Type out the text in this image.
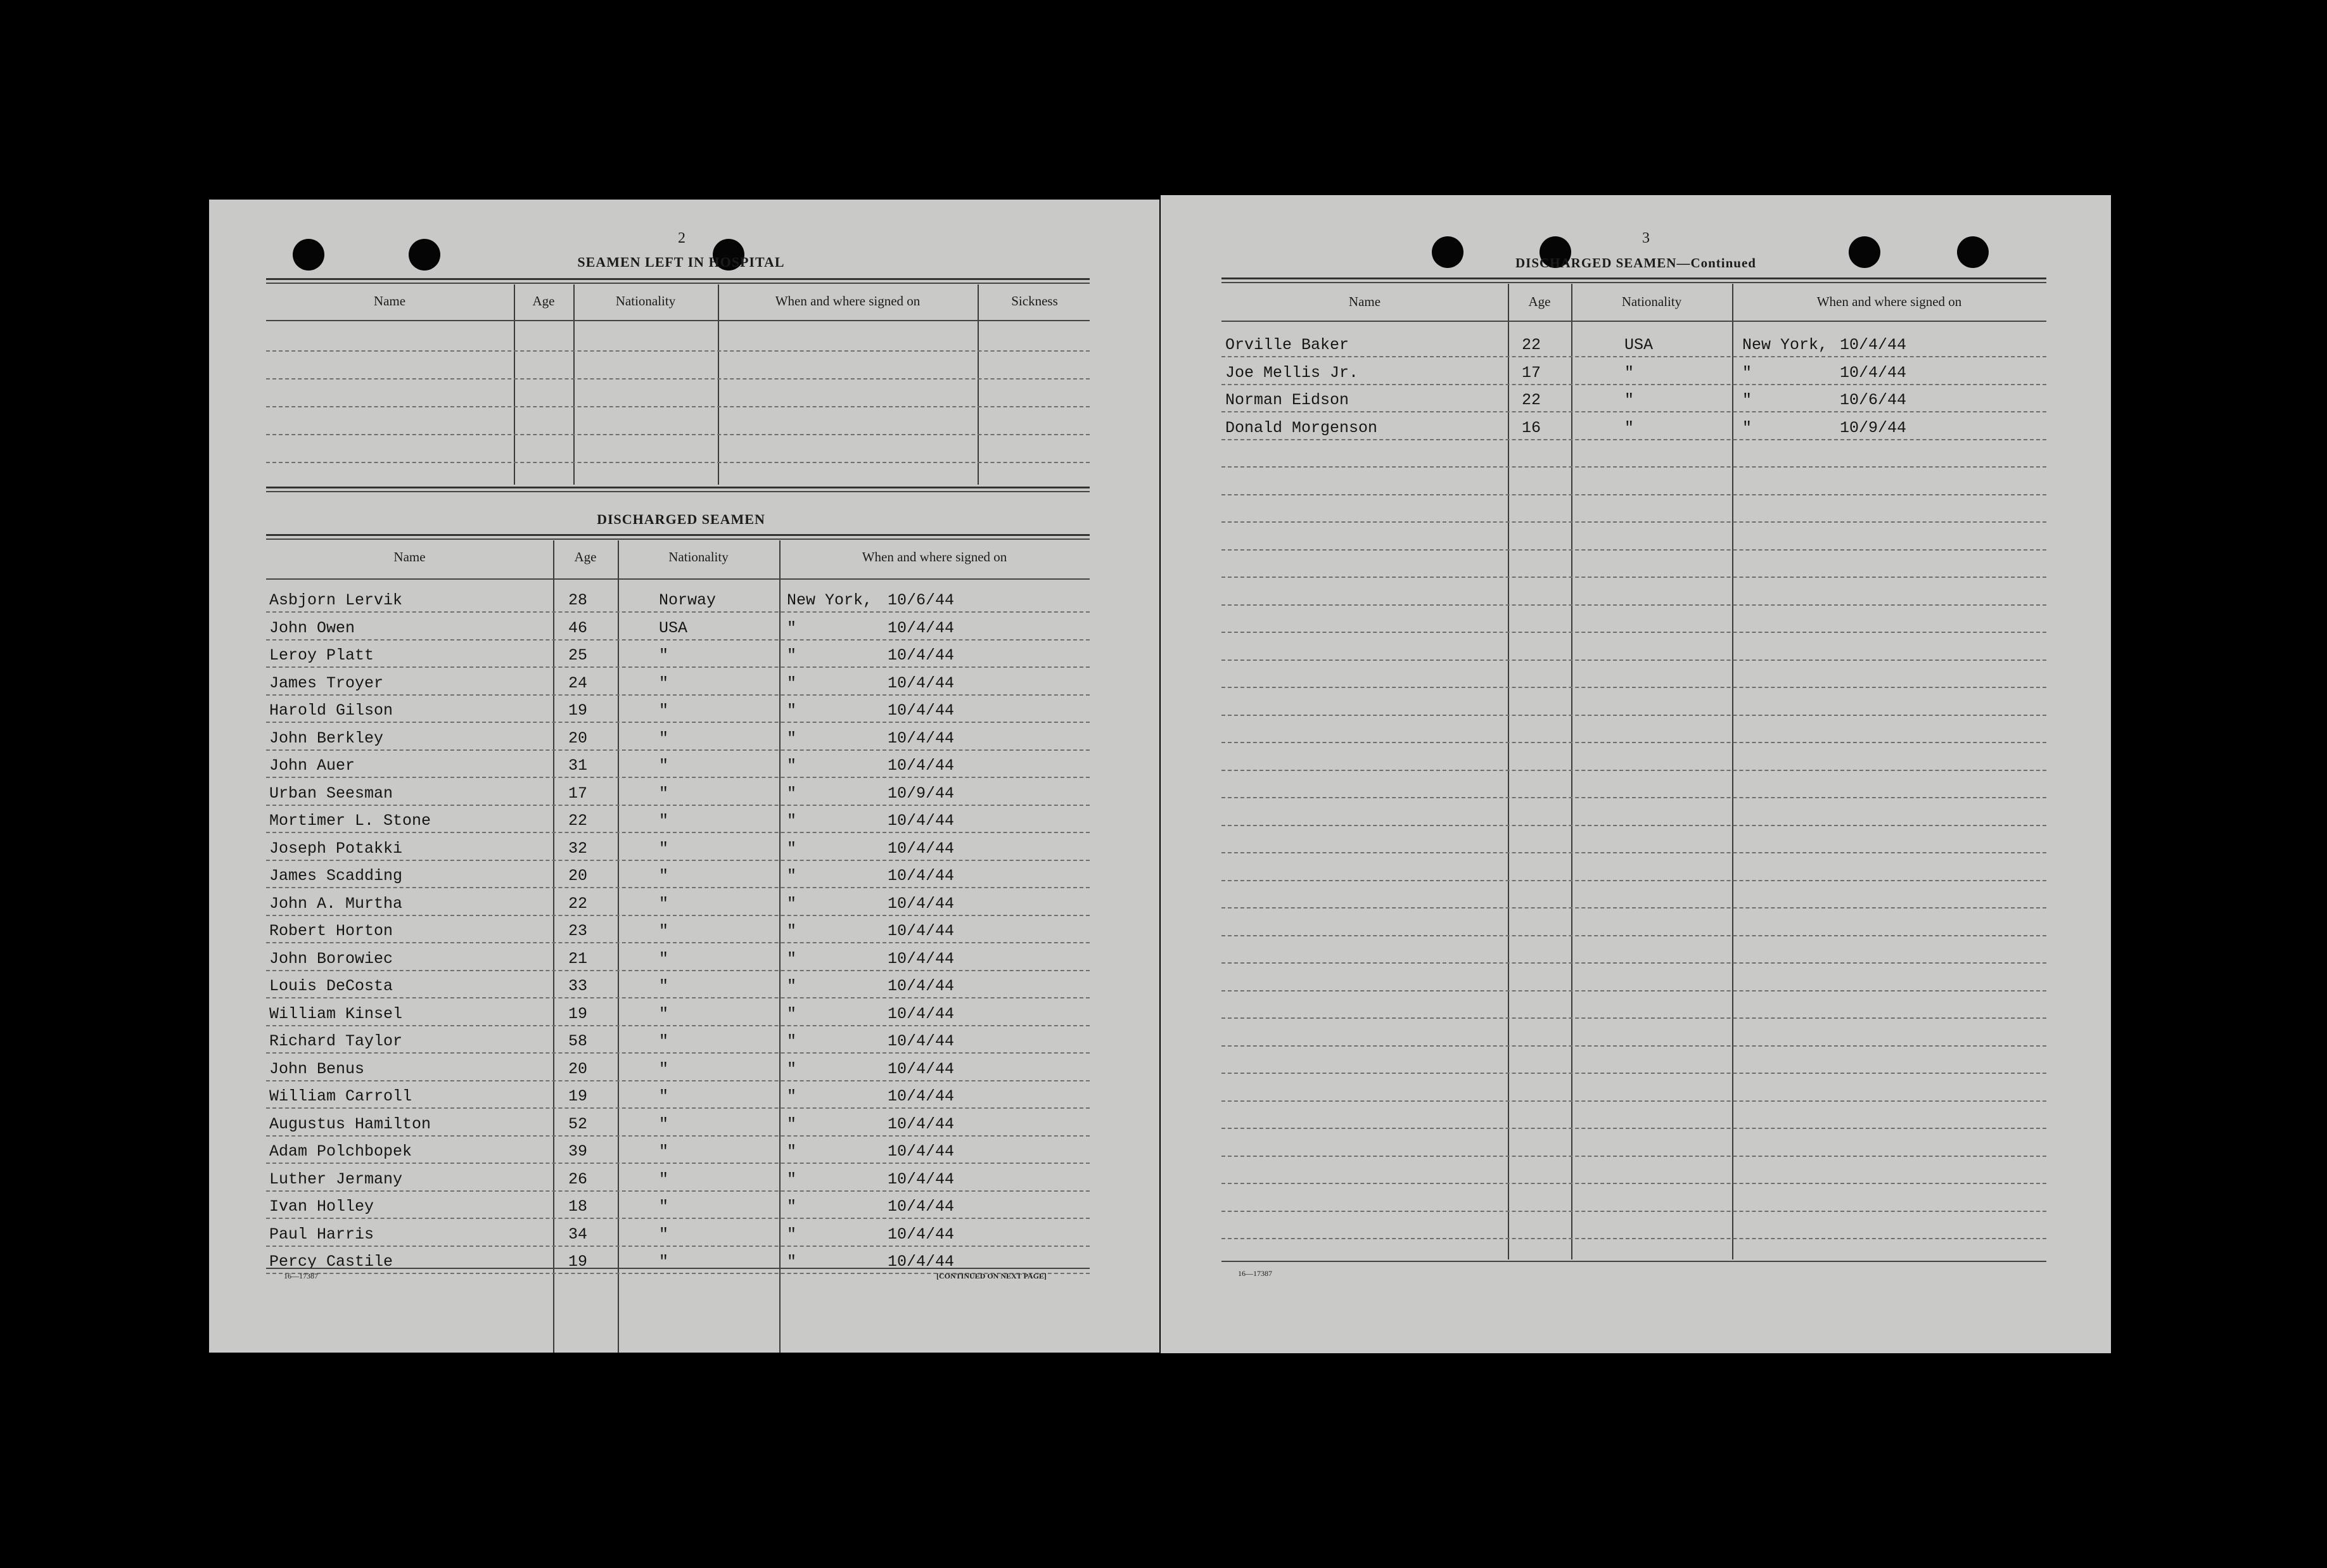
2
SEAMEN LEFT IN HOSPITAL
Name	Age	Nationality	When and where signed on	Sickness
DISCHARGED SEAMEN
Name	Age	Nationality	When and where signed on
Asbjorn Lervik	28	Norway	New York, 10/6/44
John Owen	46	USA	"	10/4/44
Leroy Platt	25	"	"	10/4/44
James Troyer	24	"	"	10/4/44
Harold Gilson	19	"	"	10/4/44
John Berkley	20	"	"	10/4/44
John Auer	31	"	"	10/4/44
Urban Seesman	17	"	"	10/9/44
Mortimer L. Stone	22	"	"	10/4/44
Joseph Potakki	32	"	"	10/4/44
James Scadding	20	"	"	10/4/44
John A. Murtha	22	"	"	10/4/44
Robert Horton	23	"	"	10/4/44
John Borowiec	21	"	"	10/4/44
Louis DeCosta	33	"	"	10/4/44
William Kinsel	19	"	"	10/4/44
Richard Taylor	58	"	"	10/4/44
John Benus	20	"	"	10/4/44
William Carroll	19	"	"	10/4/44
Augustus Hamilton	52	"	"	10/4/44
Adam Polchbopek	39	"	"	10/4/44
Luther Jermany	26	"	"	10/4/44
Ivan Holley	18	"	"	10/4/44
Paul Harris	34	"	"	10/4/44
Percy Castile	19	"	"	10/4/44
16—17387	[CONTINUED ON NEXT PAGE]
3
DISCHARGED SEAMEN—Continued
Name	Age	Nationality	When and where signed on
Orville Baker	22	USA	New York, 10/4/44
Joe Mellis Jr.	17	"	"	10/4/44
Norman Eidson	22	"	"	10/6/44
Donald Morgenson	16	"	"	10/9/44
16—17387
